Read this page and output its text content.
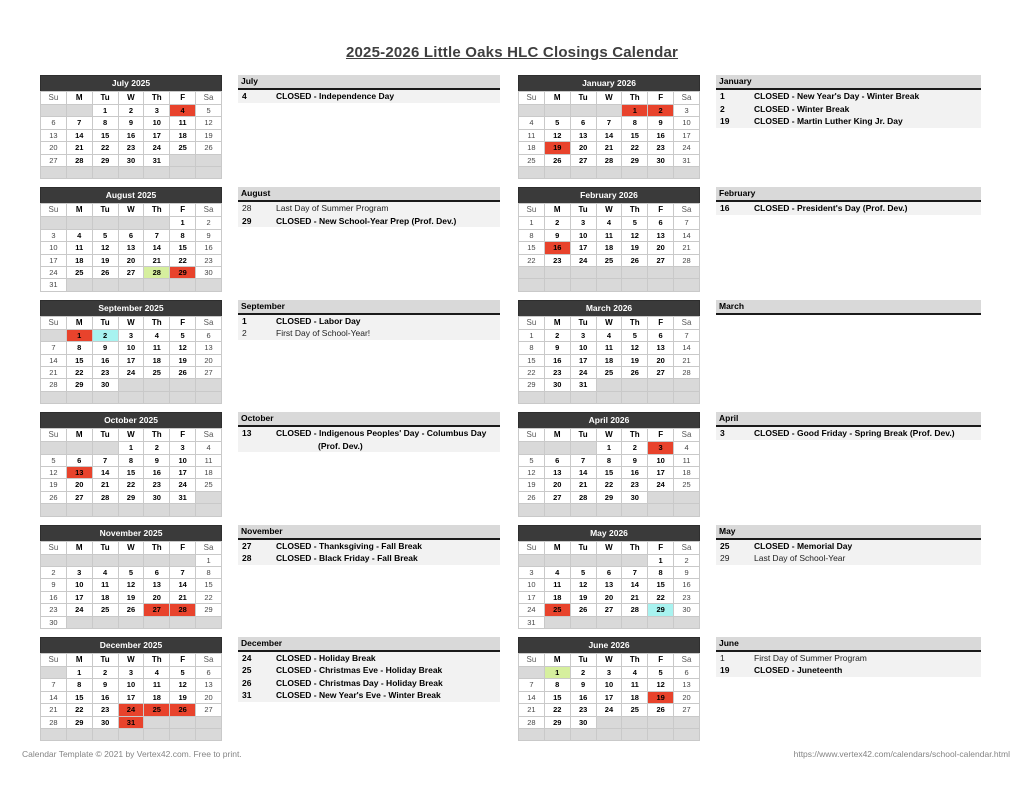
2025-2026 Little Oaks HLC Closings Calendar
July 2025
Su	M	Tu	W	Th	F	Sa
		1	2	3	4	5
6	7	8	9	10	11	12
13	14	15	16	17	18	19
20	21	22	23	24	25	26
27	28	29	30	31		

August 2025
Su	M	Tu	W	Th	F	Sa
					1	2
3	4	5	6	7	8	9
10	11	12	13	14	15	16
17	18	19	20	21	22	23
24	25	26	27	28	29	30
31						
September 2025
Su	M	Tu	W	Th	F	Sa
	1	2	3	4	5	6
7	8	9	10	11	12	13
14	15	16	17	18	19	20
21	22	23	24	25	26	27
28	29	30				

October 2025
Su	M	Tu	W	Th	F	Sa
			1	2	3	4
5	6	7	8	9	10	11
12	13	14	15	16	17	18
19	20	21	22	23	24	25
26	27	28	29	30	31	

November 2025
Su	M	Tu	W	Th	F	Sa
						1
2	3	4	5	6	7	8
9	10	11	12	13	14	15
16	17	18	19	20	21	22
23	24	25	26	27	28	29
30						
December 2025
Su	M	Tu	W	Th	F	Sa
	1	2	3	4	5	6
7	8	9	10	11	12	13
14	15	16	17	18	19	20
21	22	23	24	25	26	27
28	29	30	31			

July
4	CLOSED - Independence Day
August
28	Last Day of Summer Program
29	CLOSED - New School-Year Prep (Prof. Dev.)
September
1	CLOSED - Labor Day
2	First Day of School-Year!
October
13	CLOSED - Indigenous Peoples' Day - Columbus Day
(Prof. Dev.)
November
27	CLOSED - Thanksgiving - Fall Break
28	CLOSED - Black Friday - Fall Break
December
24	CLOSED - Holiday Break
25	CLOSED - Christmas Eve - Holiday Break
26	CLOSED - Christmas Day - Holiday Break
31	CLOSED - New Year's Eve - Winter Break
January 2026
Su	M	Tu	W	Th	F	Sa
				1	2	3
4	5	6	7	8	9	10
11	12	13	14	15	16	17
18	19	20	21	22	23	24
25	26	27	28	29	30	31

February 2026
Su	M	Tu	W	Th	F	Sa
1	2	3	4	5	6	7
8	9	10	11	12	13	14
15	16	17	18	19	20	21
22	23	24	25	26	27	28

March 2026
Su	M	Tu	W	Th	F	Sa
1	2	3	4	5	6	7
8	9	10	11	12	13	14
15	16	17	18	19	20	21
22	23	24	25	26	27	28
29	30	31				

April 2026
Su	M	Tu	W	Th	F	Sa
			1	2	3	4
5	6	7	8	9	10	11
12	13	14	15	16	17	18
19	20	21	22	23	24	25
26	27	28	29	30		

May 2026
Su	M	Tu	W	Th	F	Sa
					1	2
3	4	5	6	7	8	9
10	11	12	13	14	15	16
17	18	19	20	21	22	23
24	25	26	27	28	29	30
31						
June 2026
Su	M	Tu	W	Th	F	Sa
	1	2	3	4	5	6
7	8	9	10	11	12	13
14	15	16	17	18	19	20
21	22	23	24	25	26	27
28	29	30				

January
1	CLOSED - New Year's Day - Winter Break
2	CLOSED - Winter Break
19	CLOSED - Martin Luther King Jr. Day
February
16	CLOSED - President's Day (Prof. Dev.)
March
April
3	CLOSED - Good Friday - Spring Break (Prof. Dev.)
May
25	CLOSED - Memorial Day
29	Last Day of School-Year
June
1	First Day of Summer Program
19	CLOSED - Juneteenth
Calendar Template © 2021 by Vertex42.com. Free to print.	https://www.vertex42.com/calendars/school-calendar.html
